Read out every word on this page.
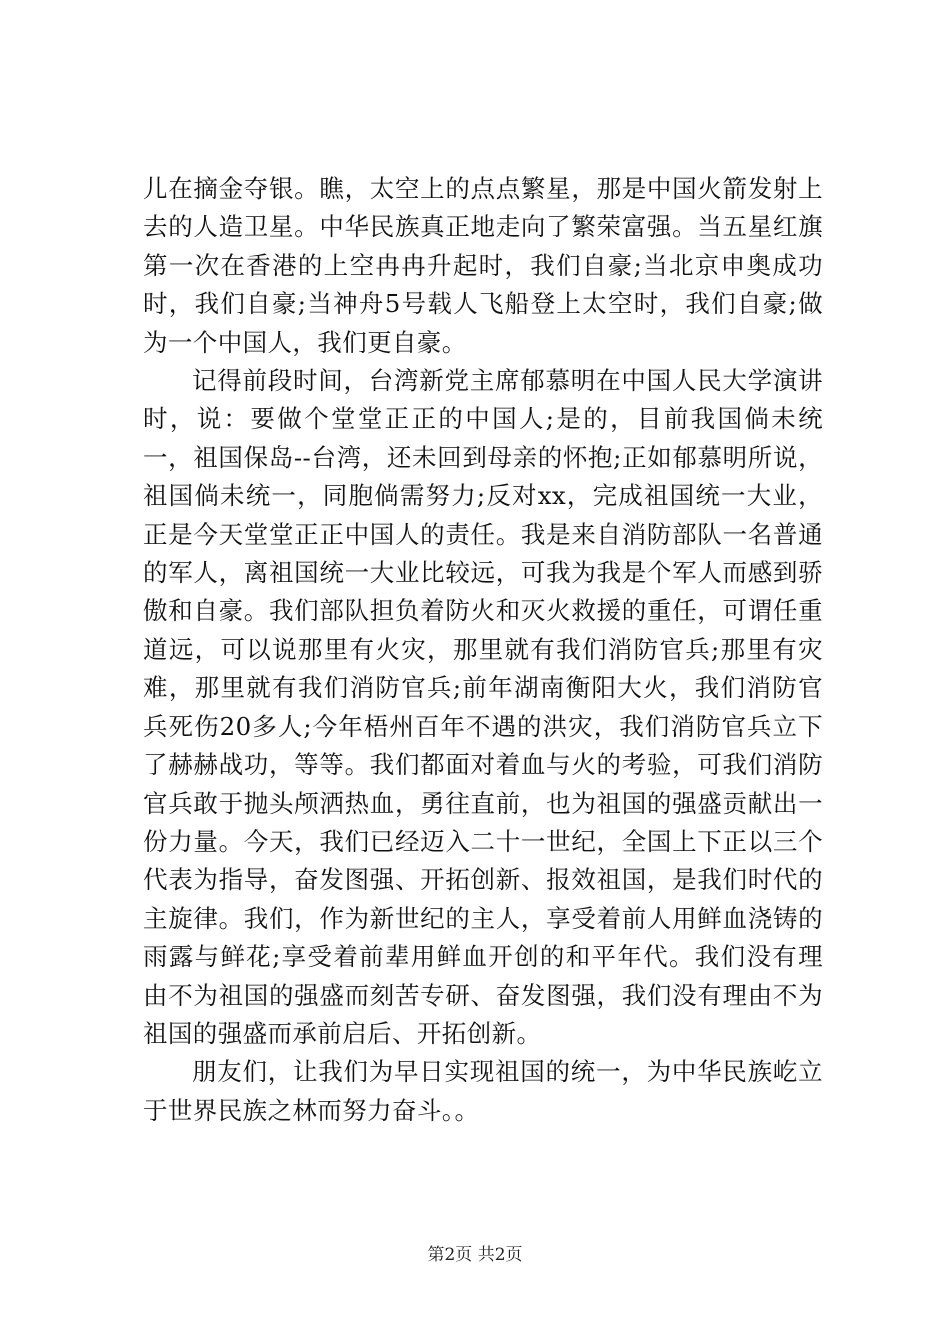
儿在摘金夺银。瞧，太空上的点点繁星，那是中国火箭发射上去的人造卫星。中华民族真正地走向了繁荣富强。当五星红旗第一次在香港的上空冉冉升起时，我们自豪;当北京申奥成功时，我们自豪;当神舟5号载人飞船登上太空时，我们自豪;做为一个中国人，我们更自豪。

记得前段时间，台湾新党主席郁慕明在中国人民大学演讲时，说：要做个堂堂正正的中国人;是的，目前我国倘未统一，祖国保岛--台湾，还未回到母亲的怀抱;正如郁慕明所说，祖国倘未统一，同胞倘需努力;反对xx，完成祖国统一大业，正是今天堂堂正正中国人的责任。我是来自消防部队一名普通的军人，离祖国统一大业比较远，可我为我是个军人而感到骄傲和自豪。我们部队担负着防火和灭火救援的重任，可谓任重道远，可以说那里有火灾，那里就有我们消防官兵;那里有灾难，那里就有我们消防官兵;前年湖南衡阳大火，我们消防官兵死伤20多人;今年梧州百年不遇的洪灾，我们消防官兵立下了赫赫战功，等等。我们都面对着血与火的考验，可我们消防官兵敢于抛头颅洒热血，勇往直前，也为祖国的强盛贡献出一份力量。今天，我们已经迈入二十一世纪，全国上下正以三个代表为指导，奋发图强、开拓创新、报效祖国，是我们时代的主旋律。我们，作为新世纪的主人，享受着前人用鲜血浇铸的雨露与鲜花;享受着前辈用鲜血开创的和平年代。我们没有理由不为祖国的强盛而刻苦专研、奋发图强，我们没有理由不为祖国的强盛而承前启后、开拓创新。

朋友们，让我们为早日实现祖国的统一，为中华民族屹立于世界民族之林而努力奋斗。。

第2页 共2页
